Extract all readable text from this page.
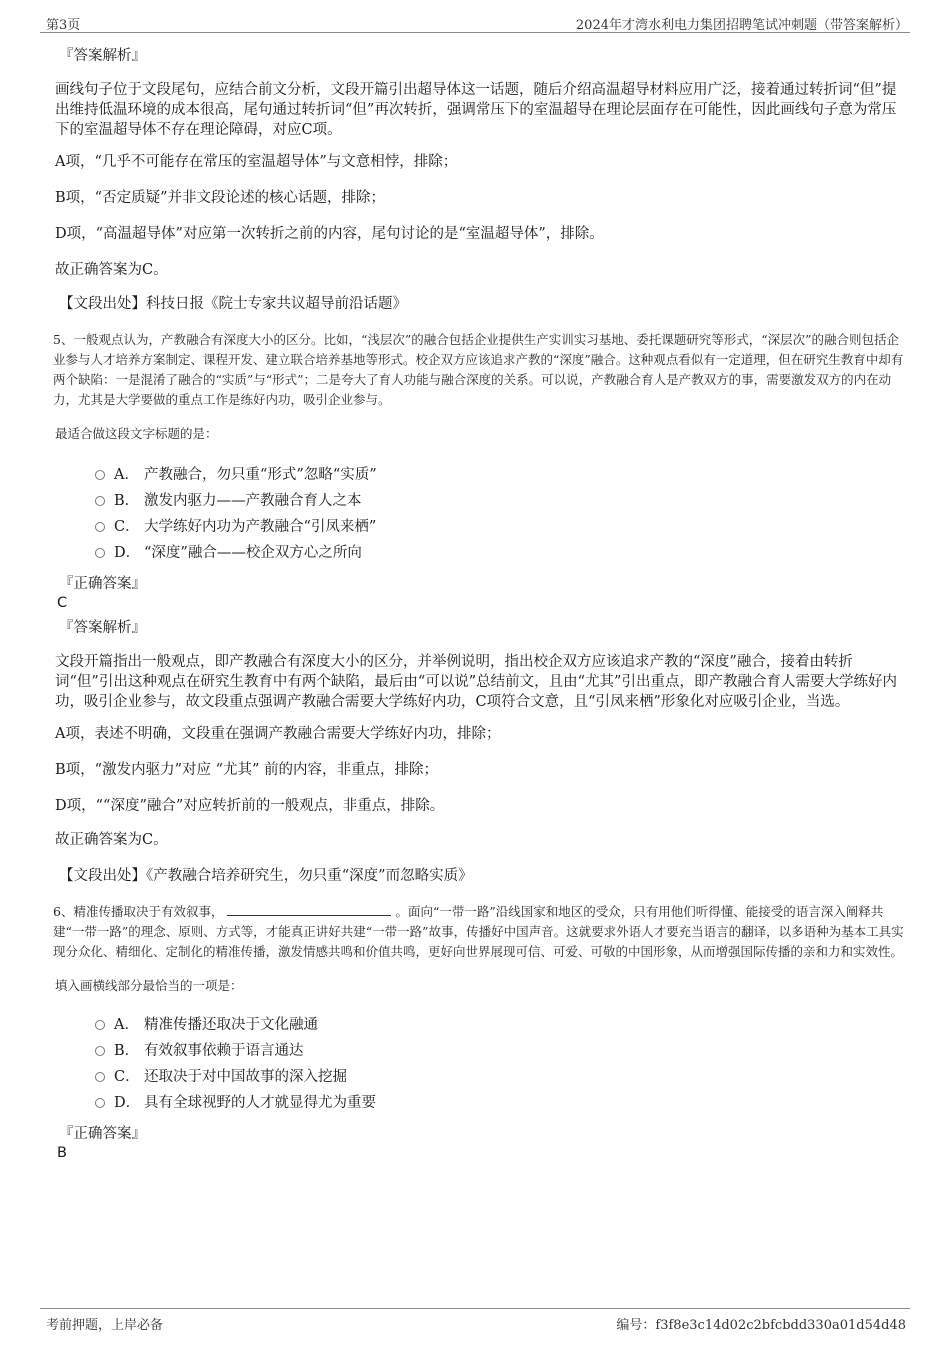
第3页	2024年才湾水利电力集团招聘笔试冲刺题（带答案解析）

『答案解析』

画线句子位于文段尾句，应结合前文分析，文段开篇引出超导体这一话题，随后介绍高温超导材料应用广泛，接着通过转折词“但”提出维持低温环境的成本很高，尾句通过转折词“但”再次转折，强调常压下的室温超导在理论层面存在可能性，因此画线句子意为常压下的室温超导体不存在理论障碍，对应C项。

A项，“几乎不可能存在常压的室温超导体”与文意相悖，排除；

B项，“否定质疑”并非文段论述的核心话题，排除；

D项，“高温超导体”对应第一次转折之前的内容，尾句讨论的是“室温超导体”，排除。

故正确答案为C。

【文段出处】科技日报《院士专家共议超导前沿话题》

5、一般观点认为，产教融合有深度大小的区分。比如，“浅层次”的融合包括企业提供生产实训实习基地、委托课题研究等形式，“深层次”的融合则包括企业参与人才培养方案制定、课程开发、建立联合培养基地等形式。校企双方应该追求产教的“深度”融合。这种观点看似有一定道理，但在研究生教育中却有两个缺陷：一是混淆了融合的“实质”与“形式”；二是夸大了育人功能与融合深度的关系。可以说，产教融合育人是产教双方的事，需要激发双方的内在动力，尤其是大学要做的重点工作是练好内功，吸引企业参与。

最适合做这段文字标题的是：

A． 产教融合，勿只重“形式”忽略“实质”
B． 激发内驱力——产教融合育人之本
C． 大学练好内功为产教融合“引凤来栖”
D． “深度”融合——校企双方心之所向

『正确答案』

C

『答案解析』

文段开篇指出一般观点，即产教融合有深度大小的区分，并举例说明，指出校企双方应该追求产教的“深度”融合，接着由转折词“但”引出这种观点在研究生教育中有两个缺陷，最后由“可以说”总结前文，且由“尤其”引出重点，即产教融合育人需要大学练好内功，吸引企业参与，故文段重点强调产教融合需要大学练好内功，C项符合文意，且“引凤来栖”形象化对应吸引企业，当选。

A项，表述不明确，文段重在强调产教融合需要大学练好内功，排除；

B项，“激发内驱力”对应 “尤其” 前的内容，非重点，排除；

D项，““深度”融合”对应转折前的一般观点，非重点，排除。

故正确答案为C。

【文段出处】《产教融合培养研究生，勿只重“深度”而忽略实质》

6、精准传播取决于有效叙事，	。面向“一带一路”沿线国家和地区的受众，只有用他们听得懂、能接受的语言深入阐释共建“一带一路”的理念、原则、方式等，才能真正讲好共建“一带一路”故事，传播好中国声音。这就要求外语人才要充当语言的翻译，以多语种为基本工具实现分众化、精细化、定制化的精准传播，激发情感共鸣和价值共鸣，更好向世界展现可信、可爱、可敬的中国形象，从而增强国际传播的亲和力和实效性。

填入画横线部分最恰当的一项是：

A． 精准传播还取决于文化融通
B． 有效叙事依赖于语言通达
C． 还取决于对中国故事的深入挖掘
D． 具有全球视野的人才就显得尤为重要

『正确答案』

B

考前押题，上岸必备	编号：f3f8e3c14d02c2bfcbdd330a01d54d48
